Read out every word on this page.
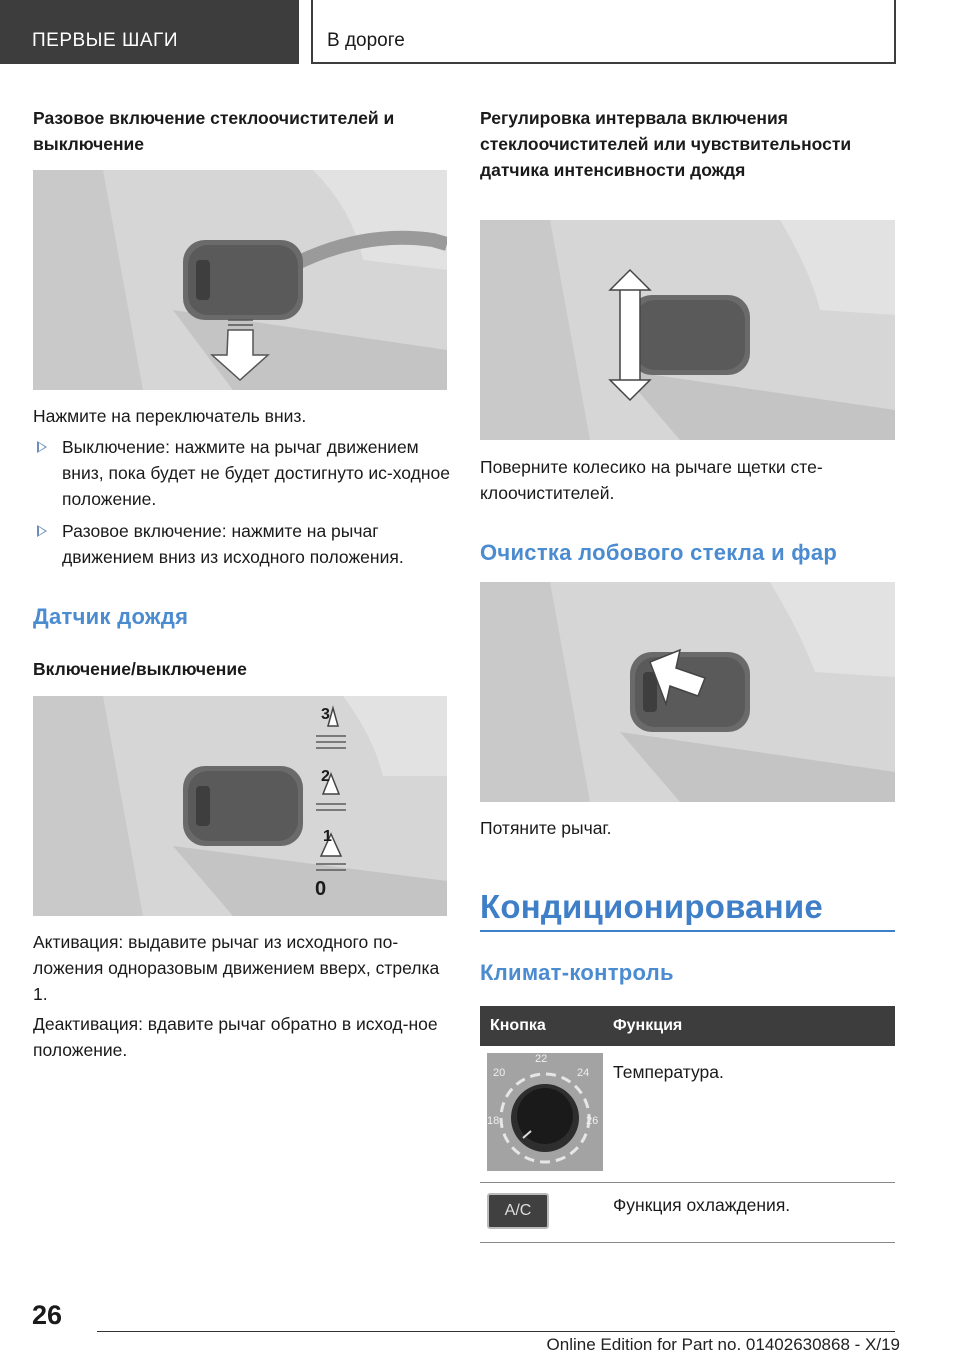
ПЕРВЫЕ ШАГИ	В дороге
Разовое включение стеклоочистителей и выключение
Нажмите на переключатель вниз.
Выключение: нажмите на рычаг движением вниз, пока будет не будет достигнуто ис-ходное положение.
Разовое включение: нажмите на рычаг движением вниз из исходного положения.
Датчик дождя
Включение/выключение
3
2
1
0
Активация: выдавите рычаг из исходного по-ложения одноразовым движением вверх, стрелка 1.
Деактивация: вдавите рычаг обратно в исход-ное положение.
Регулировка интервала включения стеклоочистителей или чувствительности датчика интенсивности дождя
Поверните колесико на рычаге щетки сте-клоочистителей.
Очистка лобового стекла и фар
Потяните рычаг.
Кондиционирование
Климат-контроль
Кнопка	Функция

20
22
24
18 26	Температура.

A/C	Функция охлаждения.
26
Online Edition for Part no. 01402630868 - X/19
